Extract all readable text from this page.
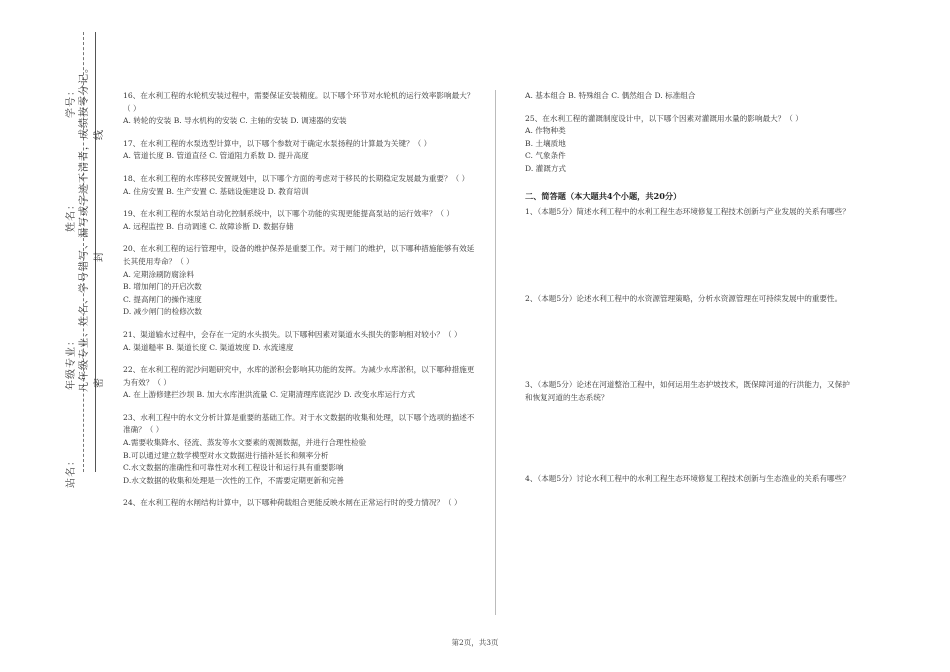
学号：
姓名：
年级专业：
站名：
凡年级专业、姓名、学号错写、漏写或字迹不清者，成绩按零分记。 线
封
密

16、在水利工程的水轮机安装过程中，需要保证安装精度。以下哪个环节对水轮机的运行效率影响最大？（ ）

A. 转轮的安装 B. 导水机构的安装 C. 主轴的安装 D. 调速器的安装

17、在水利工程的水泵选型计算中，以下哪个参数对于确定水泵扬程的计算最为关键？（ ）

A. 管道长度 B. 管道直径 C. 管道阻力系数 D. 提升高度

18、在水利工程的水库移民安置规划中，以下哪个方面的考虑对于移民的长期稳定发展最为重要？（ ）

A. 住房安置 B. 生产安置 C. 基础设施建设 D. 教育培训

19、在水利工程的水泵站自动化控制系统中，以下哪个功能的实现更能提高泵站的运行效率？（ ）

A. 远程监控 B. 自动调速 C. 故障诊断 D. 数据存储

20、在水利工程的运行管理中，设备的维护保养是重要工作。对于闸门的维护，以下哪种措施能够有效延长其使用寿命？（ ）

A. 定期涂刷防腐涂料

B. 增加闸门的开启次数

C. 提高闸门的操作速度

D. 减少闸门的检修次数

21、渠道输水过程中，会存在一定的水头损失。以下哪种因素对渠道水头损失的影响相对较小？（ ）

A. 渠道糙率 B. 渠道长度 C. 渠道坡度 D. 水流速度

22、在水利工程的泥沙问题研究中，水库的淤积会影响其功能的发挥。为减少水库淤积，以下哪种措施更为有效？（ ）

A. 在上游修建拦沙坝 B. 加大水库泄洪流量 C. 定期清理库底泥沙 D. 改变水库运行方式

23、水利工程中的水文分析计算是重要的基础工作。对于水文数据的收集和处理，以下哪个选项的描述不准确？（ ）

A.需要收集降水、径流、蒸发等水文要素的观测数据，并进行合理性检验

B.可以通过建立数学模型对水文数据进行插补延长和频率分析

C.水文数据的准确性和可靠性对水利工程设计和运行具有重要影响

D.水文数据的收集和处理是一次性的工作，不需要定期更新和完善

24、在水利工程的水闸结构计算中，以下哪种荷载组合更能反映水闸在正常运行时的受力情况？（ ）

A. 基本组合 B. 特殊组合 C. 偶然组合 D. 标准组合

25、在水利工程的灌溉制度设计中，以下哪个因素对灌溉用水量的影响最大？（ ）

A. 作物种类

B. 土壤质地

C. 气象条件

D. 灌溉方式

二、简答题（本大题共4个小题，共20分）

1、（本题5分）简述水利工程中的水利工程生态环境修复工程技术创新与产业发展的关系有哪些？

2、（本题5分）论述水利工程中的水资源管理策略，分析水资源管理在可持续发展中的重要性。

3、（本题5分）论述在河道整治工程中，如何运用生态护坡技术，既保障河道的行洪能力，又保护和恢复河道的生态系统？

4、（本题5分）讨论水利工程中的水利工程生态环境修复工程技术创新与生态渔业的关系有哪些？

第2页，共3页
